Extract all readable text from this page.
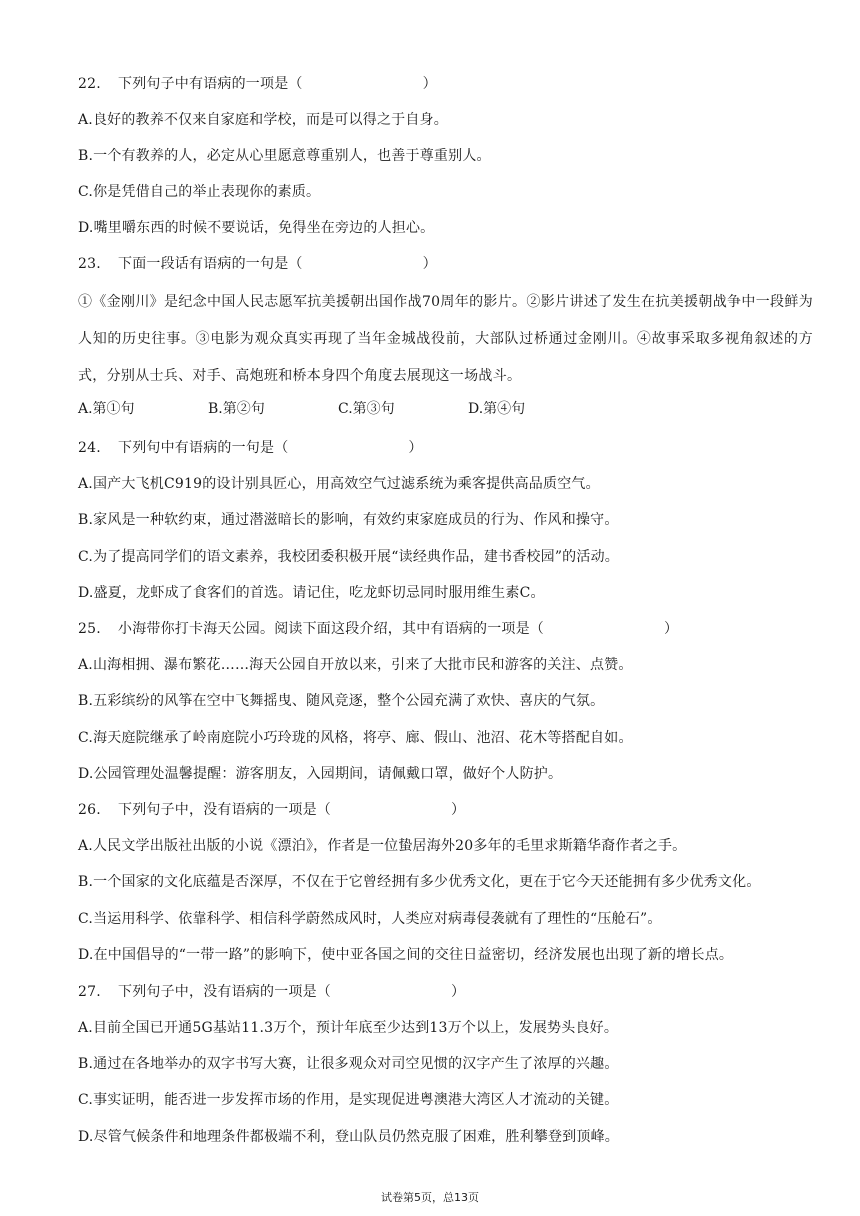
22. 下列句子中有语病的一项是（	）
A.良好的教养不仅来自家庭和学校，而是可以得之于自身。
B.一个有教养的人，必定从心里愿意尊重别人，也善于尊重别人。
C.你是凭借自己的举止表现你的素质。
D.嘴里嚼东西的时候不要说话，免得坐在旁边的人担心。
23. 下面一段话有语病的一句是（	）
①《金刚川》是纪念中国人民志愿军抗美援朝出国作战70周年的影片。②影片讲述了发生在抗美援朝战争中一段鲜为人知的历史往事。③电影为观众真实再现了当年金城战役前，大部队过桥通过金刚川。④故事采取多视角叙述的方式，分别从士兵、对手、高炮班和桥本身四个角度去展现这一场战斗。
A.第①句	B.第②句	C.第③句	D.第④句
24. 下列句中有语病的一句是（	）
A.国产大飞机C919的设计别具匠心，用高效空气过滤系统为乘客提供高品质空气。
B.家风是一种软约束，通过潜滋暗长的影响，有效约束家庭成员的行为、作风和操守。
C.为了提高同学们的语文素养，我校团委积极开展“读经典作品，建书香校园”的活动。
D.盛夏，龙虾成了食客们的首选。请记住，吃龙虾切忌同时服用维生素C。
25. 小海带你打卡海天公园。阅读下面这段介绍，其中有语病的一项是（	）
A.山海相拥、瀑布繁花……海天公园自开放以来，引来了大批市民和游客的关注、点赞。
B.五彩缤纷的风筝在空中飞舞摇曳、随风竞逐，整个公园充满了欢快、喜庆的气氛。
C.海天庭院继承了岭南庭院小巧玲珑的风格，将亭、廊、假山、池沼、花木等搭配自如。
D.公园管理处温馨提醒：游客朋友，入园期间，请佩戴口罩，做好个人防护。
26. 下列句子中，没有语病的一项是（	）
A.人民文学出版社出版的小说《漂泊》，作者是一位蛰居海外20多年的毛里求斯籍华裔作者之手。
B.一个国家的文化底蕴是否深厚，不仅在于它曾经拥有多少优秀文化，更在于它今天还能拥有多少优秀文化。
C.当运用科学、依靠科学、相信科学蔚然成风时，人类应对病毒侵袭就有了理性的“压舱石”。
D.在中国倡导的“一带一路”的影响下，使中亚各国之间的交往日益密切，经济发展也出现了新的增长点。
27. 下列句子中，没有语病的一项是（	）
A.目前全国已开通5G基站11.3万个，预计年底至少达到13万个以上，发展势头良好。
B.通过在各地举办的双字书写大赛，让很多观众对司空见惯的汉字产生了浓厚的兴趣。
C.事实证明，能否进一步发挥市场的作用，是实现促进粤澳港大湾区人才流动的关键。
D.尽管气候条件和地理条件都极端不利，登山队员仍然克服了困难，胜利攀登到顶峰。
试卷第5页，总13页
